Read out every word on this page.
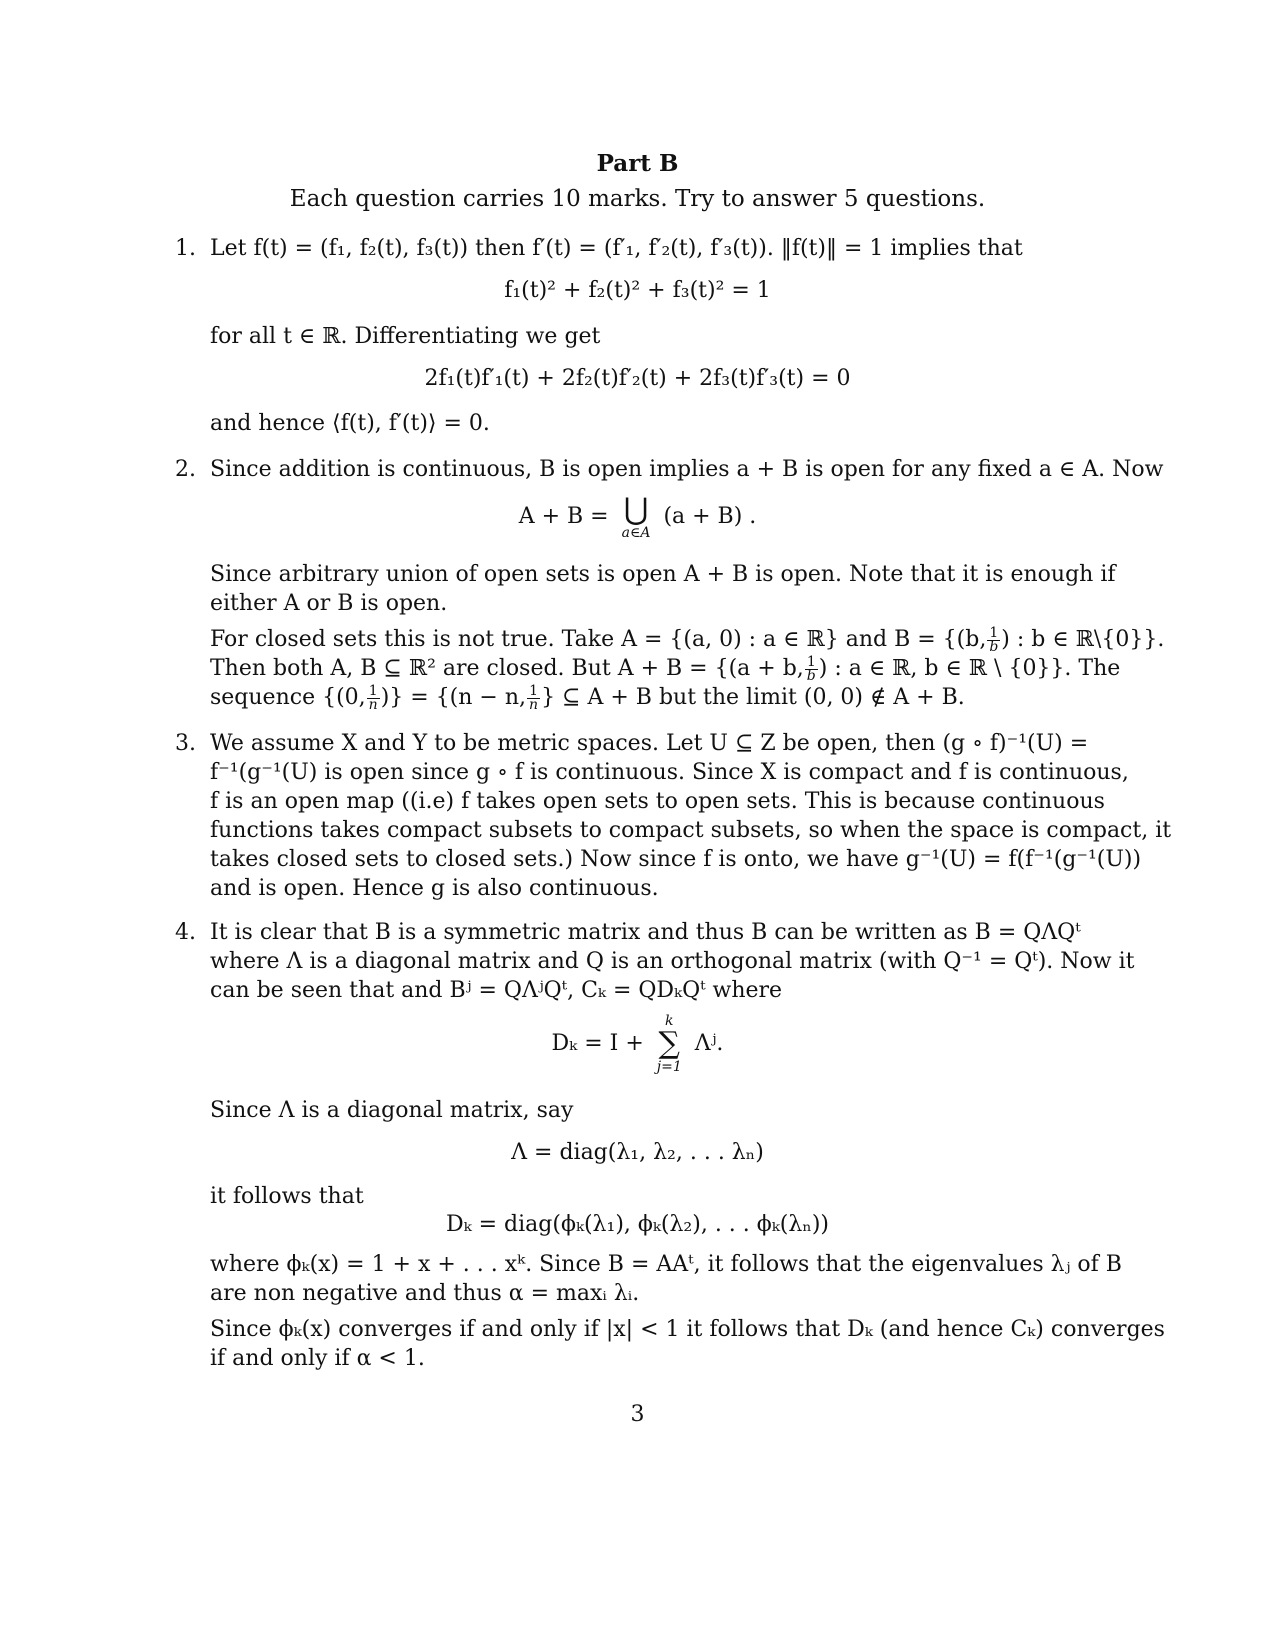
Part B
Each question carries 10 marks. Try to answer 5 questions.
1. Let f(t) = (f₁, f₂(t), f₃(t)) then f′(t) = (f′₁, f′₂(t), f′₃(t)). ‖f(t)‖ = 1 implies that
f₁(t)² + f₂(t)² + f₃(t)² = 1
for all t ∈ ℝ. Differentiating we get
2f₁(t)f′₁(t) + 2f₂(t)f′₂(t) + 2f₃(t)f′₃(t) = 0
and hence ⟨f(t), f′(t)⟩ = 0.
2. Since addition is continuous, B is open implies a + B is open for any fixed a ∈ A. Now
A + B = ⋃
a∈A
(a + B) .
Since arbitrary union of open sets is open A + B is open. Note that it is enough if
either A or B is open.
For closed sets this is not true. Take A = {(a, 0) : a ∈ ℝ} and B = {(b, $\frac{1}{b}$ ) : b ∈ ℝ\{0}}.
Then both A, B ⊆ ℝ² are closed. But A + B = {(a + b, $\frac{1}{b}$ ) : a ∈ ℝ, b ∈ ℝ \ {0}}. The
sequence {(0, $\frac{1}{n}$ )} = {(n − n, $\frac{1}{n}$ } ⊆ A + B but the limit (0, 0) ∉ A + B.
3. We assume X and Y to be metric spaces. Let U ⊆ Z be open, then (g ∘ f)⁻¹(U) =
f⁻¹(g⁻¹(U) is open since g ∘ f is continuous. Since X is compact and f is continuous,
f is an open map ((i.e) f takes open sets to open sets. This is because continuous
functions takes compact subsets to compact subsets, so when the space is compact, it
takes closed sets to closed sets.) Now since f is onto, we have g⁻¹(U) = f(f⁻¹(g⁻¹(U))
and is open. Hence g is also continuous.
4. It is clear that B is a symmetric matrix and thus B can be written as B = QΛQᵗ
where Λ is a diagonal matrix and Q is an orthogonal matrix (with Q⁻¹ = Qᵗ). Now it
can be seen that and Bʲ = QΛʲQᵗ, Cₖ = QDₖQᵗ where
Dₖ = I +
k
∑
j=1
Λʲ.
Since Λ is a diagonal matrix, say
Λ = diag(λ₁, λ₂, . . . λₙ)
it follows that
Dₖ = diag(ϕₖ(λ₁), ϕₖ(λ₂), . . . ϕₖ(λₙ))
where ϕₖ(x) = 1 + x + . . . xᵏ. Since B = AAᵗ, it follows that the eigenvalues λⱼ of B
are non negative and thus α = maxᵢ λᵢ.
Since ϕₖ(x) converges if and only if |x| < 1 it follows that Dₖ (and hence Cₖ) converges
if and only if α < 1.
3
